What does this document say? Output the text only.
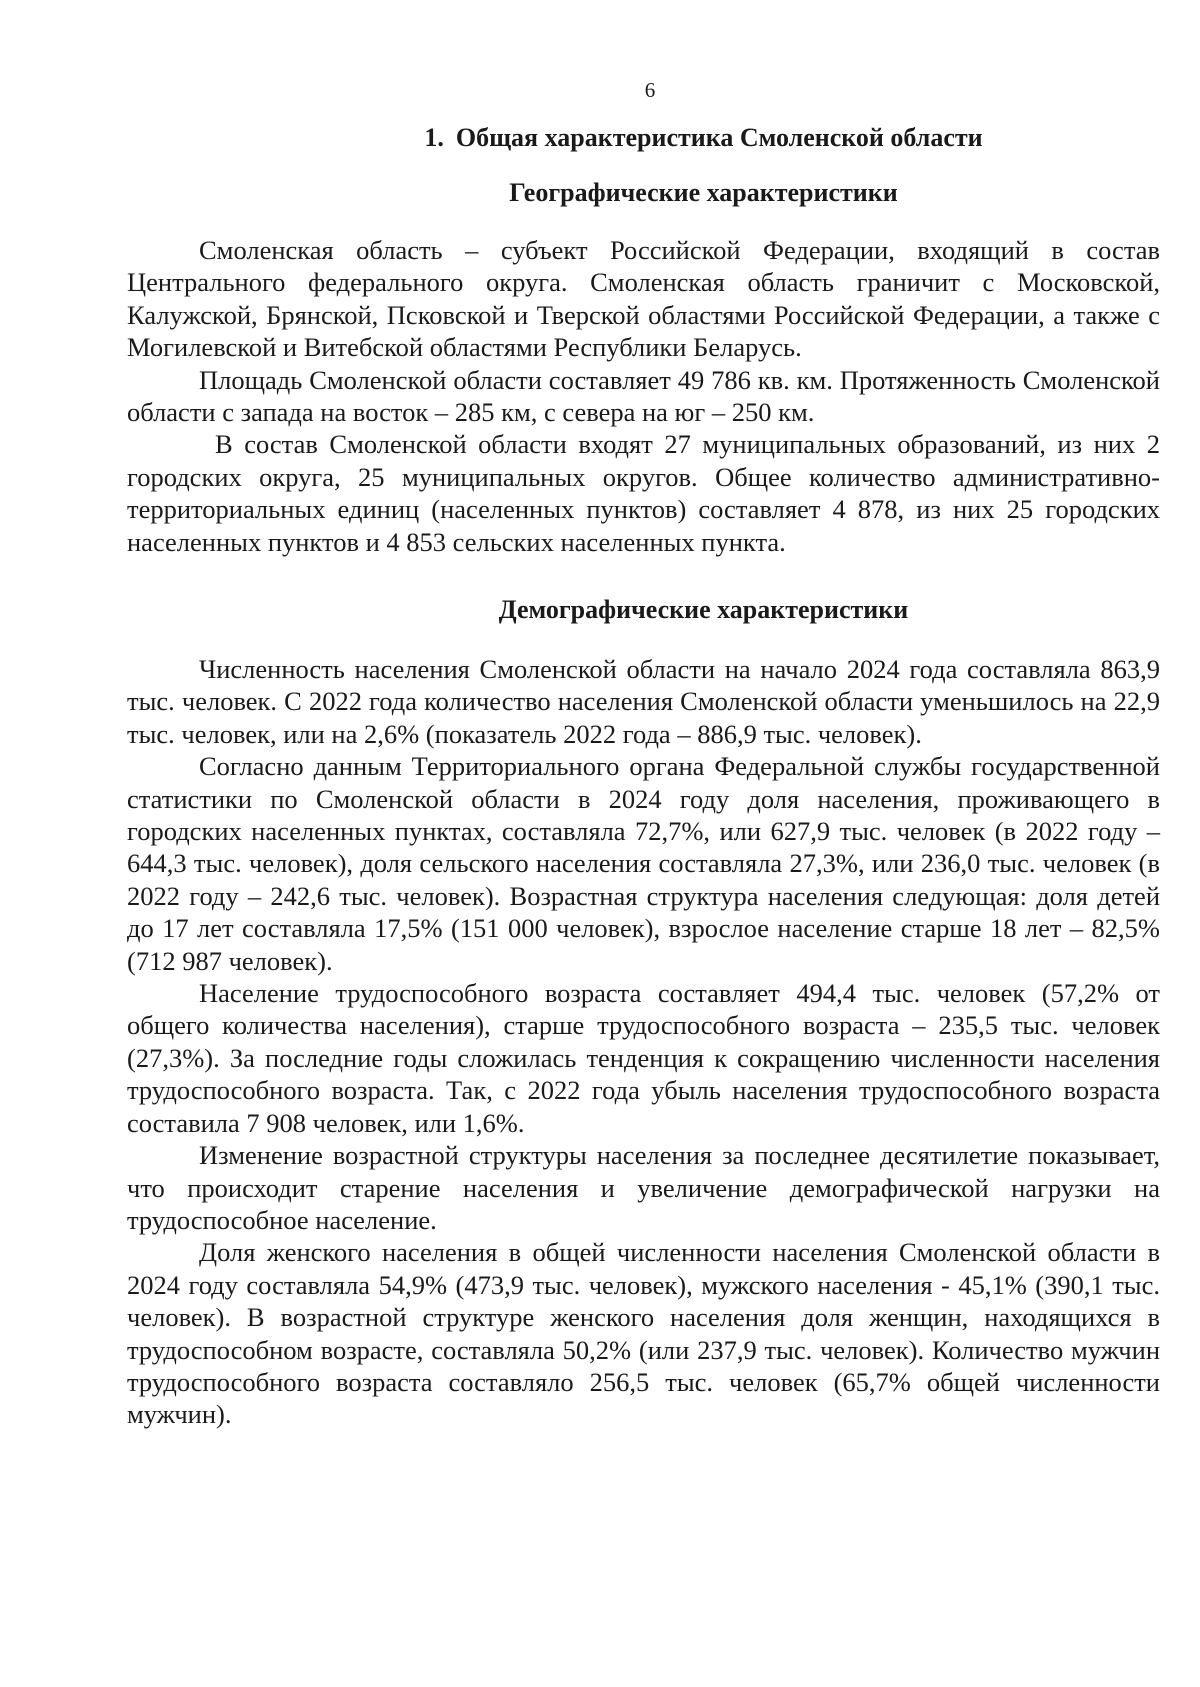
6
1. Общая характеристика Смоленской области
Географические характеристики

Смоленская область – субъект Российской Федерации, входящий в состав Центрального федерального округа. Смоленская область граничит с Московской, Калужской, Брянской, Псковской и Тверской областями Российской Федерации, а также с Могилевской и Витебской областями Республики Беларусь.

Площадь Смоленской области составляет 49 786 кв. км. Протяженность Смоленской области с запада на восток – 285 км, с севера на юг – 250 км.

В состав Смоленской области входят 27 муниципальных образований, из них 2 городских округа, 25 муниципальных округов. Общее количество административно-территориальных единиц (населенных пунктов) составляет 4 878, из них 25 городских населенных пунктов и 4 853 сельских населенных пункта.

Демографические характеристики

Численность населения Смоленской области на начало 2024 года составляла 863,9 тыс. человек. С 2022 года количество населения Смоленской области уменьшилось на 22,9 тыс. человек, или на 2,6% (показатель 2022 года – 886,9 тыс. человек).

Согласно данным Территориального органа Федеральной службы государственной статистики по Смоленской области в 2024 году доля населения, проживающего в городских населенных пунктах, составляла 72,7%, или 627,9 тыс. человек (в 2022 году – 644,3 тыс. человек), доля сельского населения составляла 27,3%, или 236,0 тыс. человек (в 2022 году – 242,6 тыс. человек). Возрастная структура населения следующая: доля детей до 17 лет составляла 17,5% (151 000 человек), взрослое население старше 18 лет – 82,5% (712 987 человек).

Население трудоспособного возраста составляет 494,4 тыс. человек (57,2% от общего количества населения), старше трудоспособного возраста – 235,5 тыс. человек (27,3%). За последние годы сложилась тенденция к сокращению численности населения трудоспособного возраста. Так, с 2022 года убыль населения трудоспособного возраста составила 7 908 человек, или 1,6%.

Изменение возрастной структуры населения за последнее десятилетие показывает, что происходит старение населения и увеличение демографической нагрузки на трудоспособное население.

Доля женского населения в общей численности населения Смоленской области в 2024 году составляла 54,9% (473,9 тыс. человек), мужского населения - 45,1% (390,1 тыс. человек). В возрастной структуре женского населения доля женщин, находящихся в трудоспособном возрасте, составляла 50,2% (или 237,9 тыс. человек). Количество мужчин трудоспособного возраста составляло 256,5 тыс. человек (65,7% общей численности мужчин).
